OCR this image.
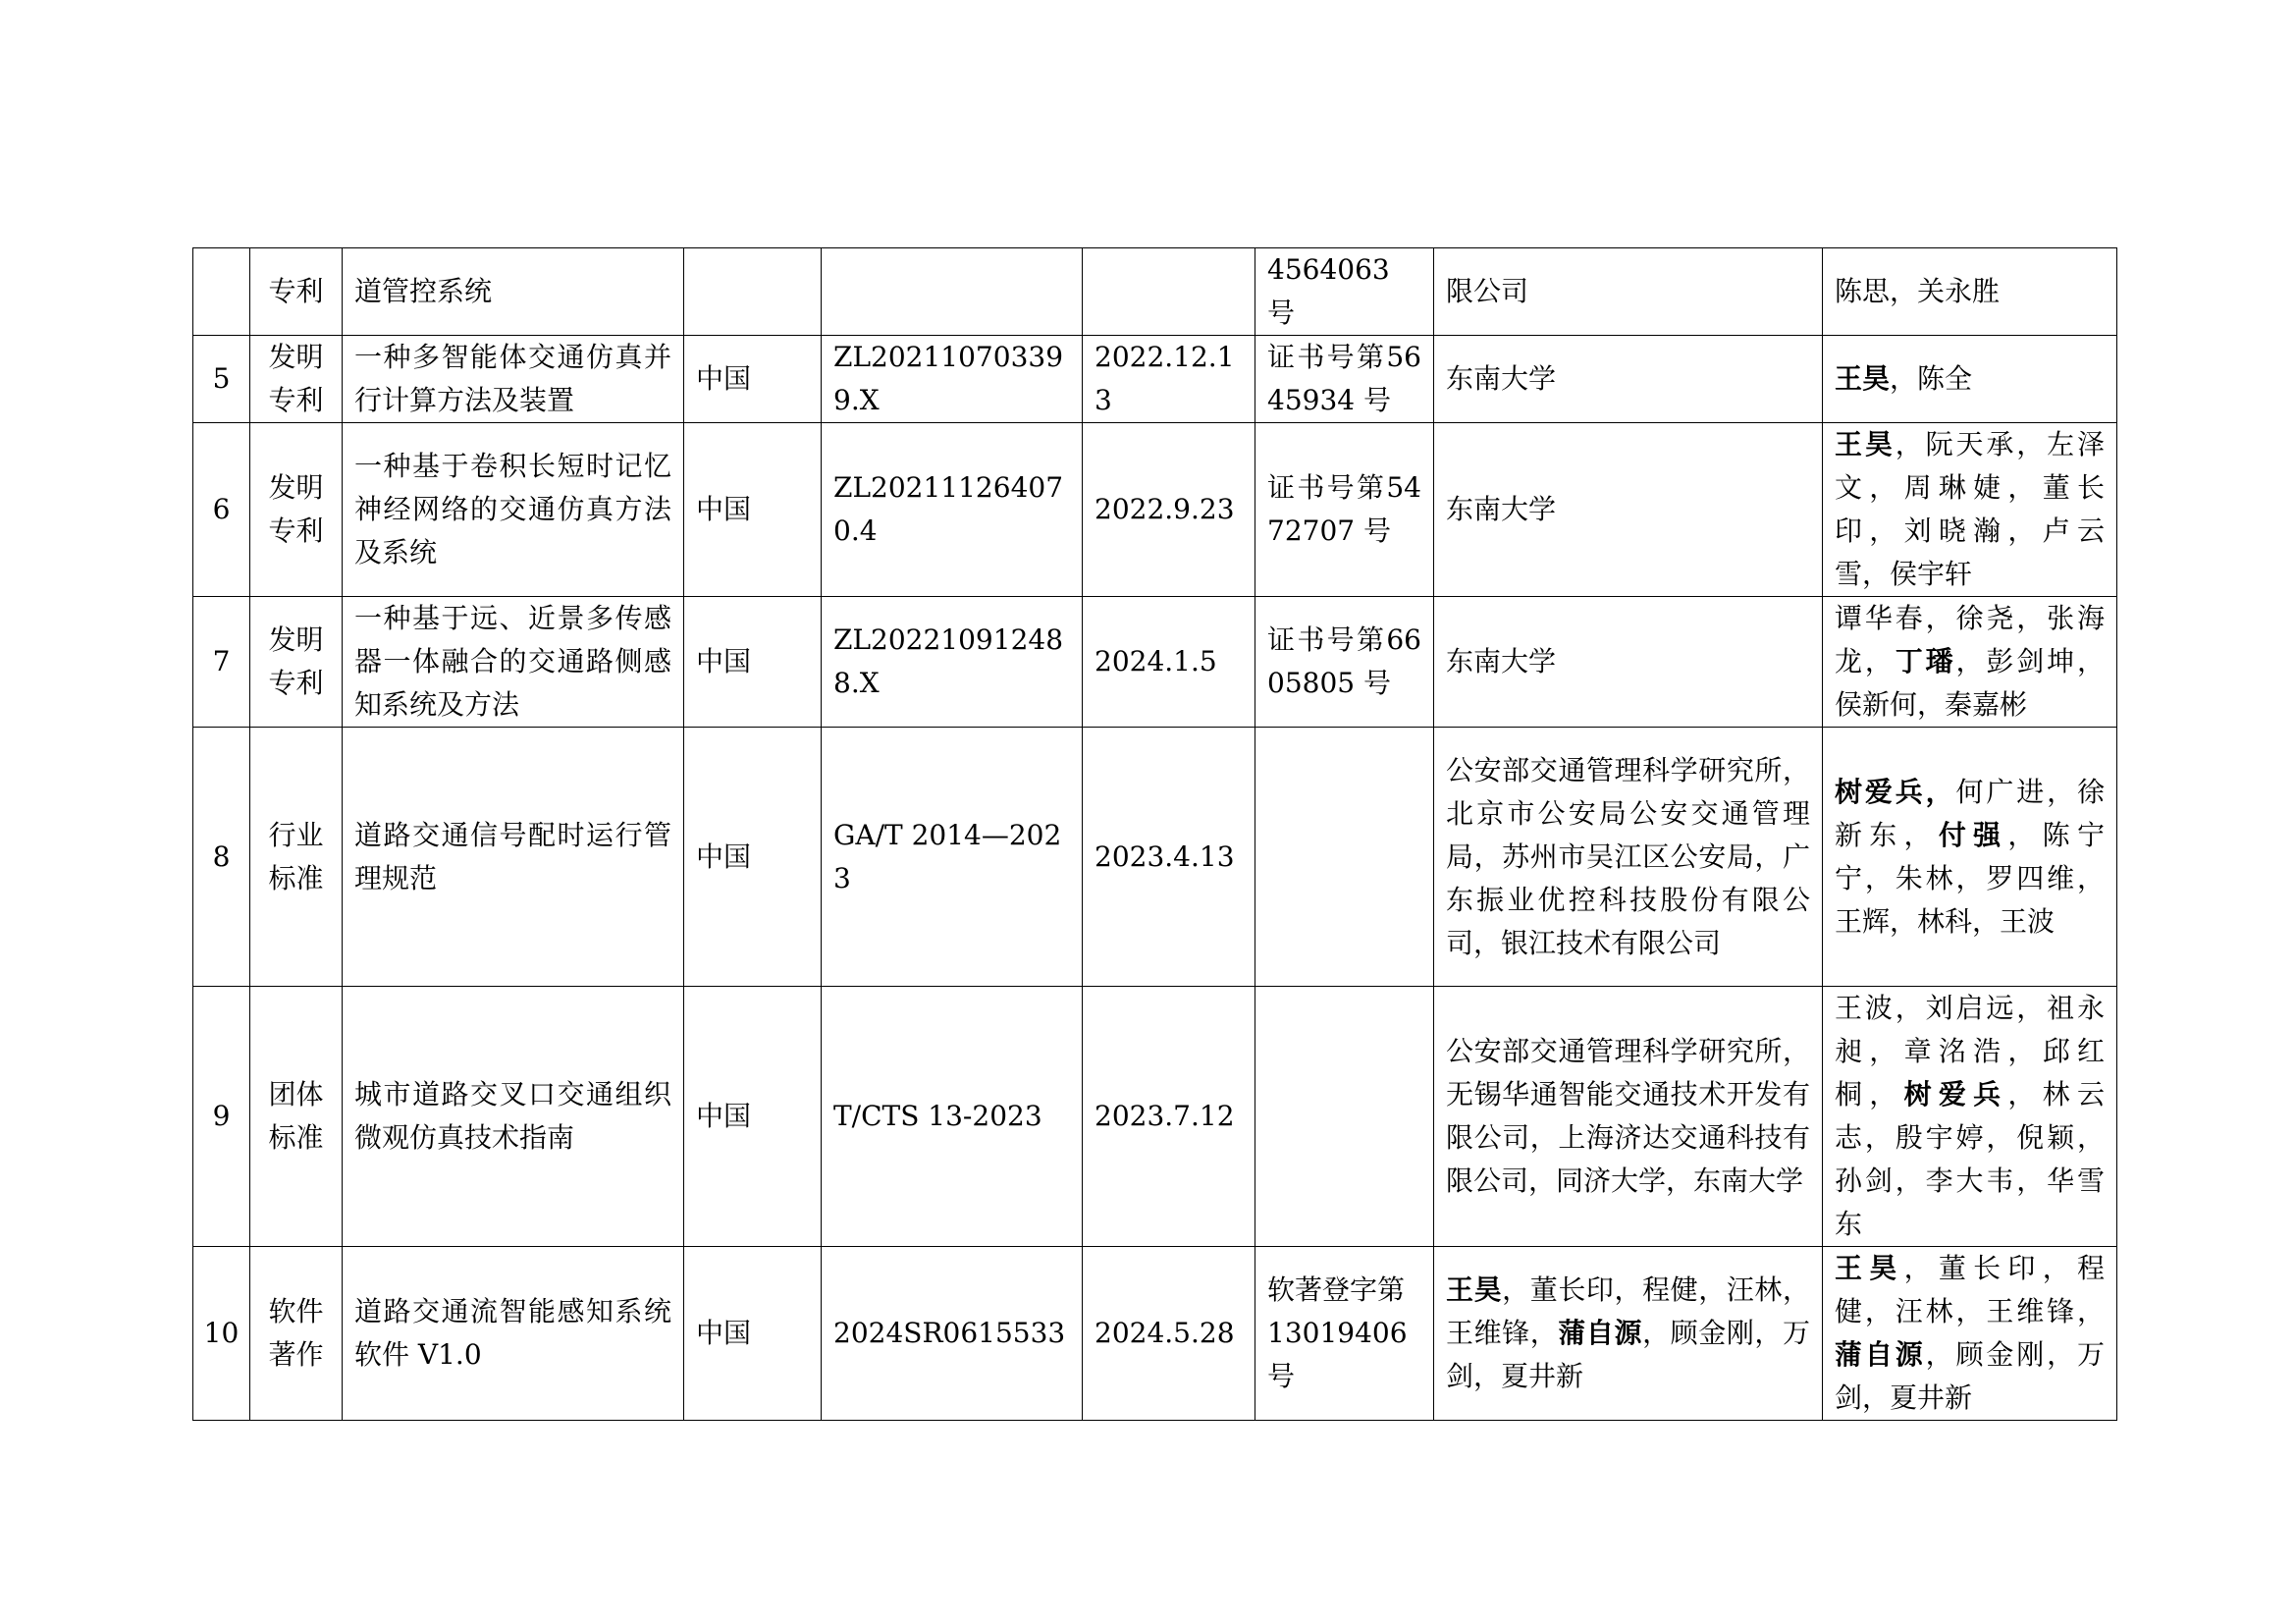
	专利	道管控系统				4564063 号	限公司	陈思，关永胜
5	发明专利	一种多智能体交通仿真并行计算方法及装置	中国	ZL202110703399.X	2022.12.13	证书号第5645934 号	东南大学	王昊，陈全
6	发明专利	一种基于卷积长短时记忆神经网络的交通仿真方法及系统	中国	ZL202111264070.4	2022.9.23	证书号第5472707 号	东南大学	王昊，阮天承，左泽文，周琳婕，董长印，刘晓瀚，卢云雪，侯宇轩
7	发明专利	一种基于远、近景多传感器一体融合的交通路侧感知系统及方法	中国	ZL202210912488.X	2024.1.5	证书号第6605805 号	东南大学	谭华春，徐尧，张海龙，丁璠，彭剑坤，侯新何，秦嘉彬
8	行业标准	道路交通信号配时运行管理规范	中国	GA/T 2014—2023	2023.4.13		公安部交通管理科学研究所，北京市公安局公安交通管理局，苏州市吴江区公安局，广东振业优控科技股份有限公司，银江技术有限公司	树爱兵，何广进，徐新东，付强，陈宁宁，朱林，罗四维，王辉，林科，王波
9	团体标准	城市道路交叉口交通组织微观仿真技术指南	中国	T/CTS 13-2023	2023.7.12		公安部交通管理科学研究所，无锡华通智能交通技术开发有限公司，上海济达交通科技有限公司，同济大学，东南大学	王波，刘启远，祖永昶，章洺浩，邱红桐，树爱兵，林云志，殷宇婷，倪颖，孙剑，李大韦，华雪东
10	软件著作	道路交通流智能感知系统软件 V1.0	中国	2024SR0615533	2024.5.28	软著登字第13019406 号	王昊，董长印，程健，汪林，王维锋，蒲自源，顾金刚，万剑，夏井新	王昊，董长印，程健，汪林，王维锋，蒲自源，顾金刚，万剑，夏井新
